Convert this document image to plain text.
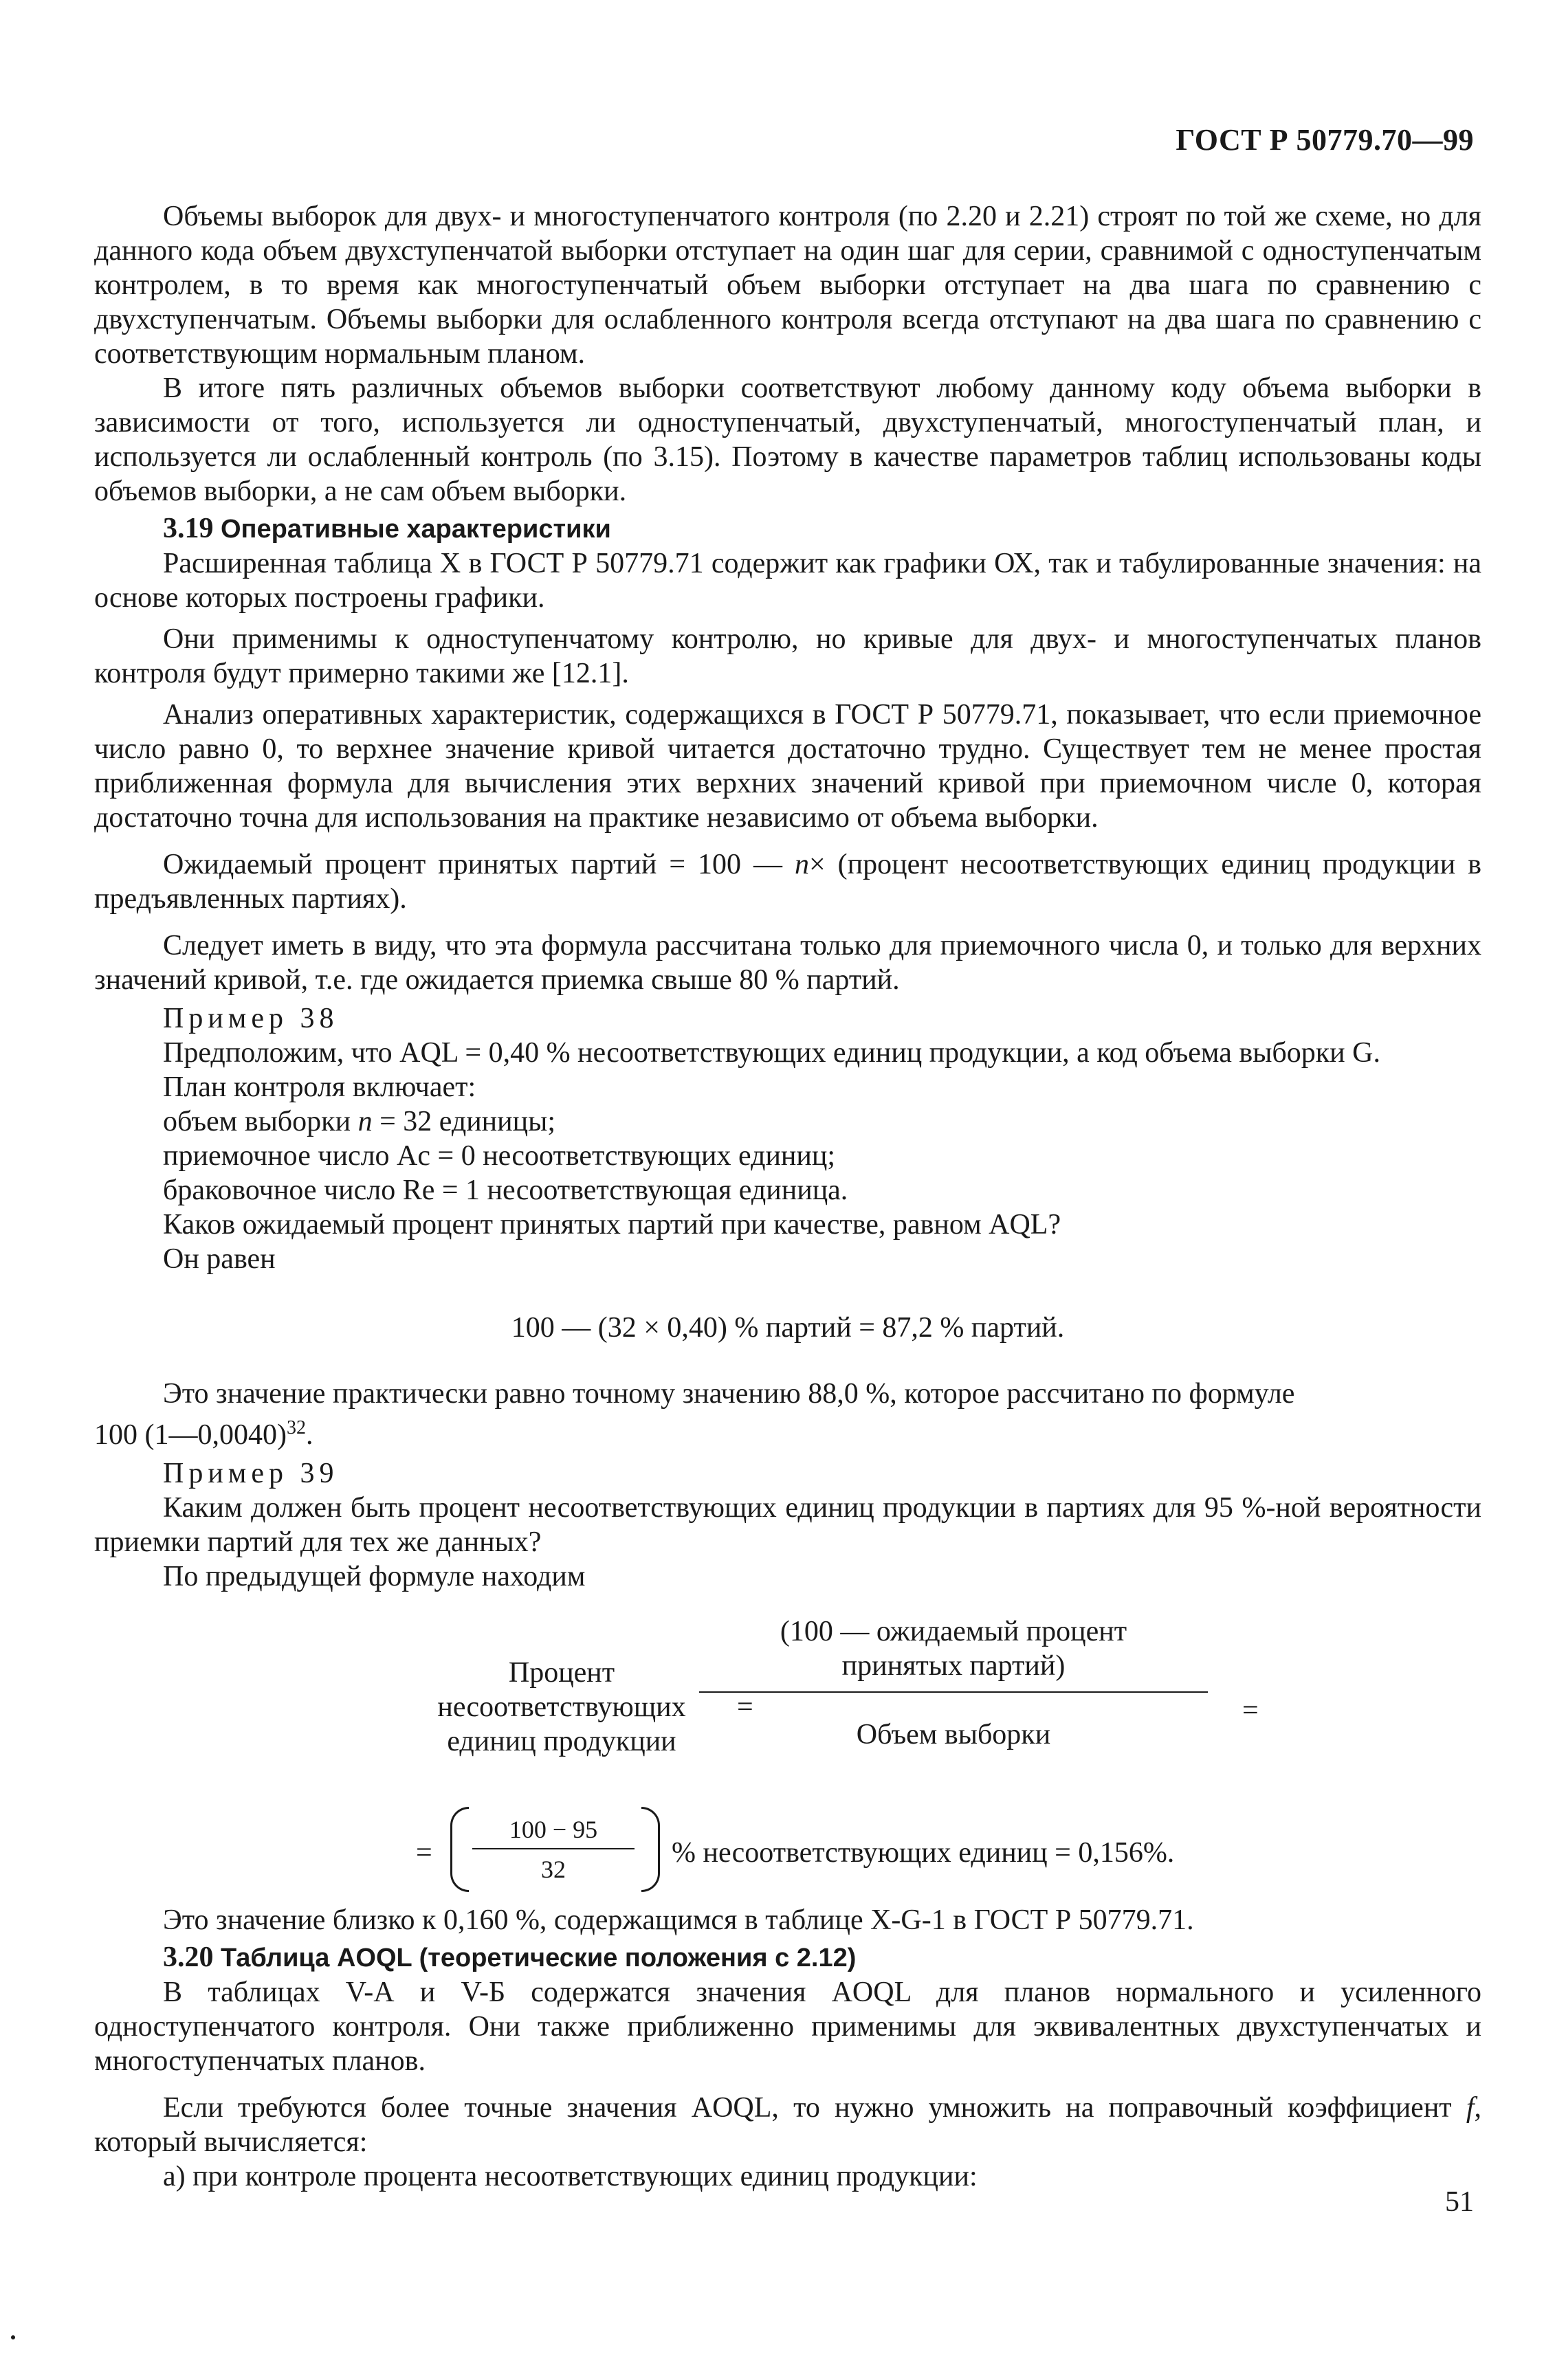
ГОСТ Р 50779.70—99

Объемы выборок для двух- и многоступенчатого контроля (по 2.20 и 2.21) строят по той же схеме, но для данного кода объем двухступенчатой выборки отступает на один шаг для серии, сравнимой с одноступенчатым контролем, в то время как многоступенчатый объем выборки отступает на два шага по сравнению с двухступенчатым. Объемы выборки для ослабленного контроля всегда отступают на два шага по сравнению с соответствующим нормальным планом.

В итоге пять различных объемов выборки соответствуют любому данному коду объема выборки в зависимости от того, используется ли одноступенчатый, двухступенчатый, многоступенчатый план, и используется ли ослабленный контроль (по 3.15). Поэтому в качестве параметров таблиц использованы коды объемов выборки, а не сам объем выборки.

3.19 Оперативные характеристики

Расширенная таблица X в ГОСТ Р 50779.71 содержит как графики ОХ, так и табулированные значения: на основе которых построены графики.

Они применимы к одноступенчатому контролю, но кривые для двух- и многоступенчатых планов контроля будут примерно такими же [12.1].

Анализ оперативных характеристик, содержащихся в ГОСТ Р 50779.71, показывает, что если приемочное число равно 0, то верхнее значение кривой читается достаточно трудно. Существует тем не менее простая приближенная формула для вычисления этих верхних значений кривой при приемочном числе 0, которая достаточно точна для использования на практике независимо от объема выборки.

Ожидаемый процент принятых партий = 100 — n× (процент несоответствующих единиц продукции в предъявленных партиях).

Следует иметь в виду, что эта формула рассчитана только для приемочного числа 0, и только для верхних значений кривой, т.е. где ожидается приемка свыше 80 % партий.

Пример 38

Предположим, что AQL = 0,40 % несоответствующих единиц продукции, а код объема выборки G.

План контроля включает:
объем выборки n = 32 единицы;
приемочное число Ac = 0 несоответствующих единиц;
браковочное число Re = 1 несоответствующая единица.
Каков ожидаемый процент принятых партий при качестве, равном AQL?
Он равен
100 — (32 × 0,40) % партий = 87,2 % партий.

Это значение практически равно точному значению 88,0 %, которое рассчитано по формуле

100 (1—0,0040)$^{32}$.
Пример 39

Каким должен быть процент несоответствующих единиц продукции в партиях для 95 %-ной вероятности приемки партий для тех же данных?

По предыдущей формуле находим
Процент
несоответствующих
единиц продукции
=
(100 — ожидаемый процент
принятых партий)
Объем выборки
=
=
100 − 95
32
% несоответствующих единиц = 0,156%.
Это значение близко к 0,160 %, содержащимся в таблице X-G-1 в ГОСТ Р 50779.71.
3.20 Таблица AOQL (теоретические положения с 2.12)

В таблицах V-А и V-Б содержатся значения AOQL для планов нормального и усиленного одноступенчатого контроля. Они также приближенно применимы для эквивалентных двухступенчатых и многоступенчатых планов.

Если требуются более точные значения AOQL, то нужно умножить на поправочный коэффициент f, который вычисляется:

а) при контроле процента несоответствующих единиц продукции:
51
